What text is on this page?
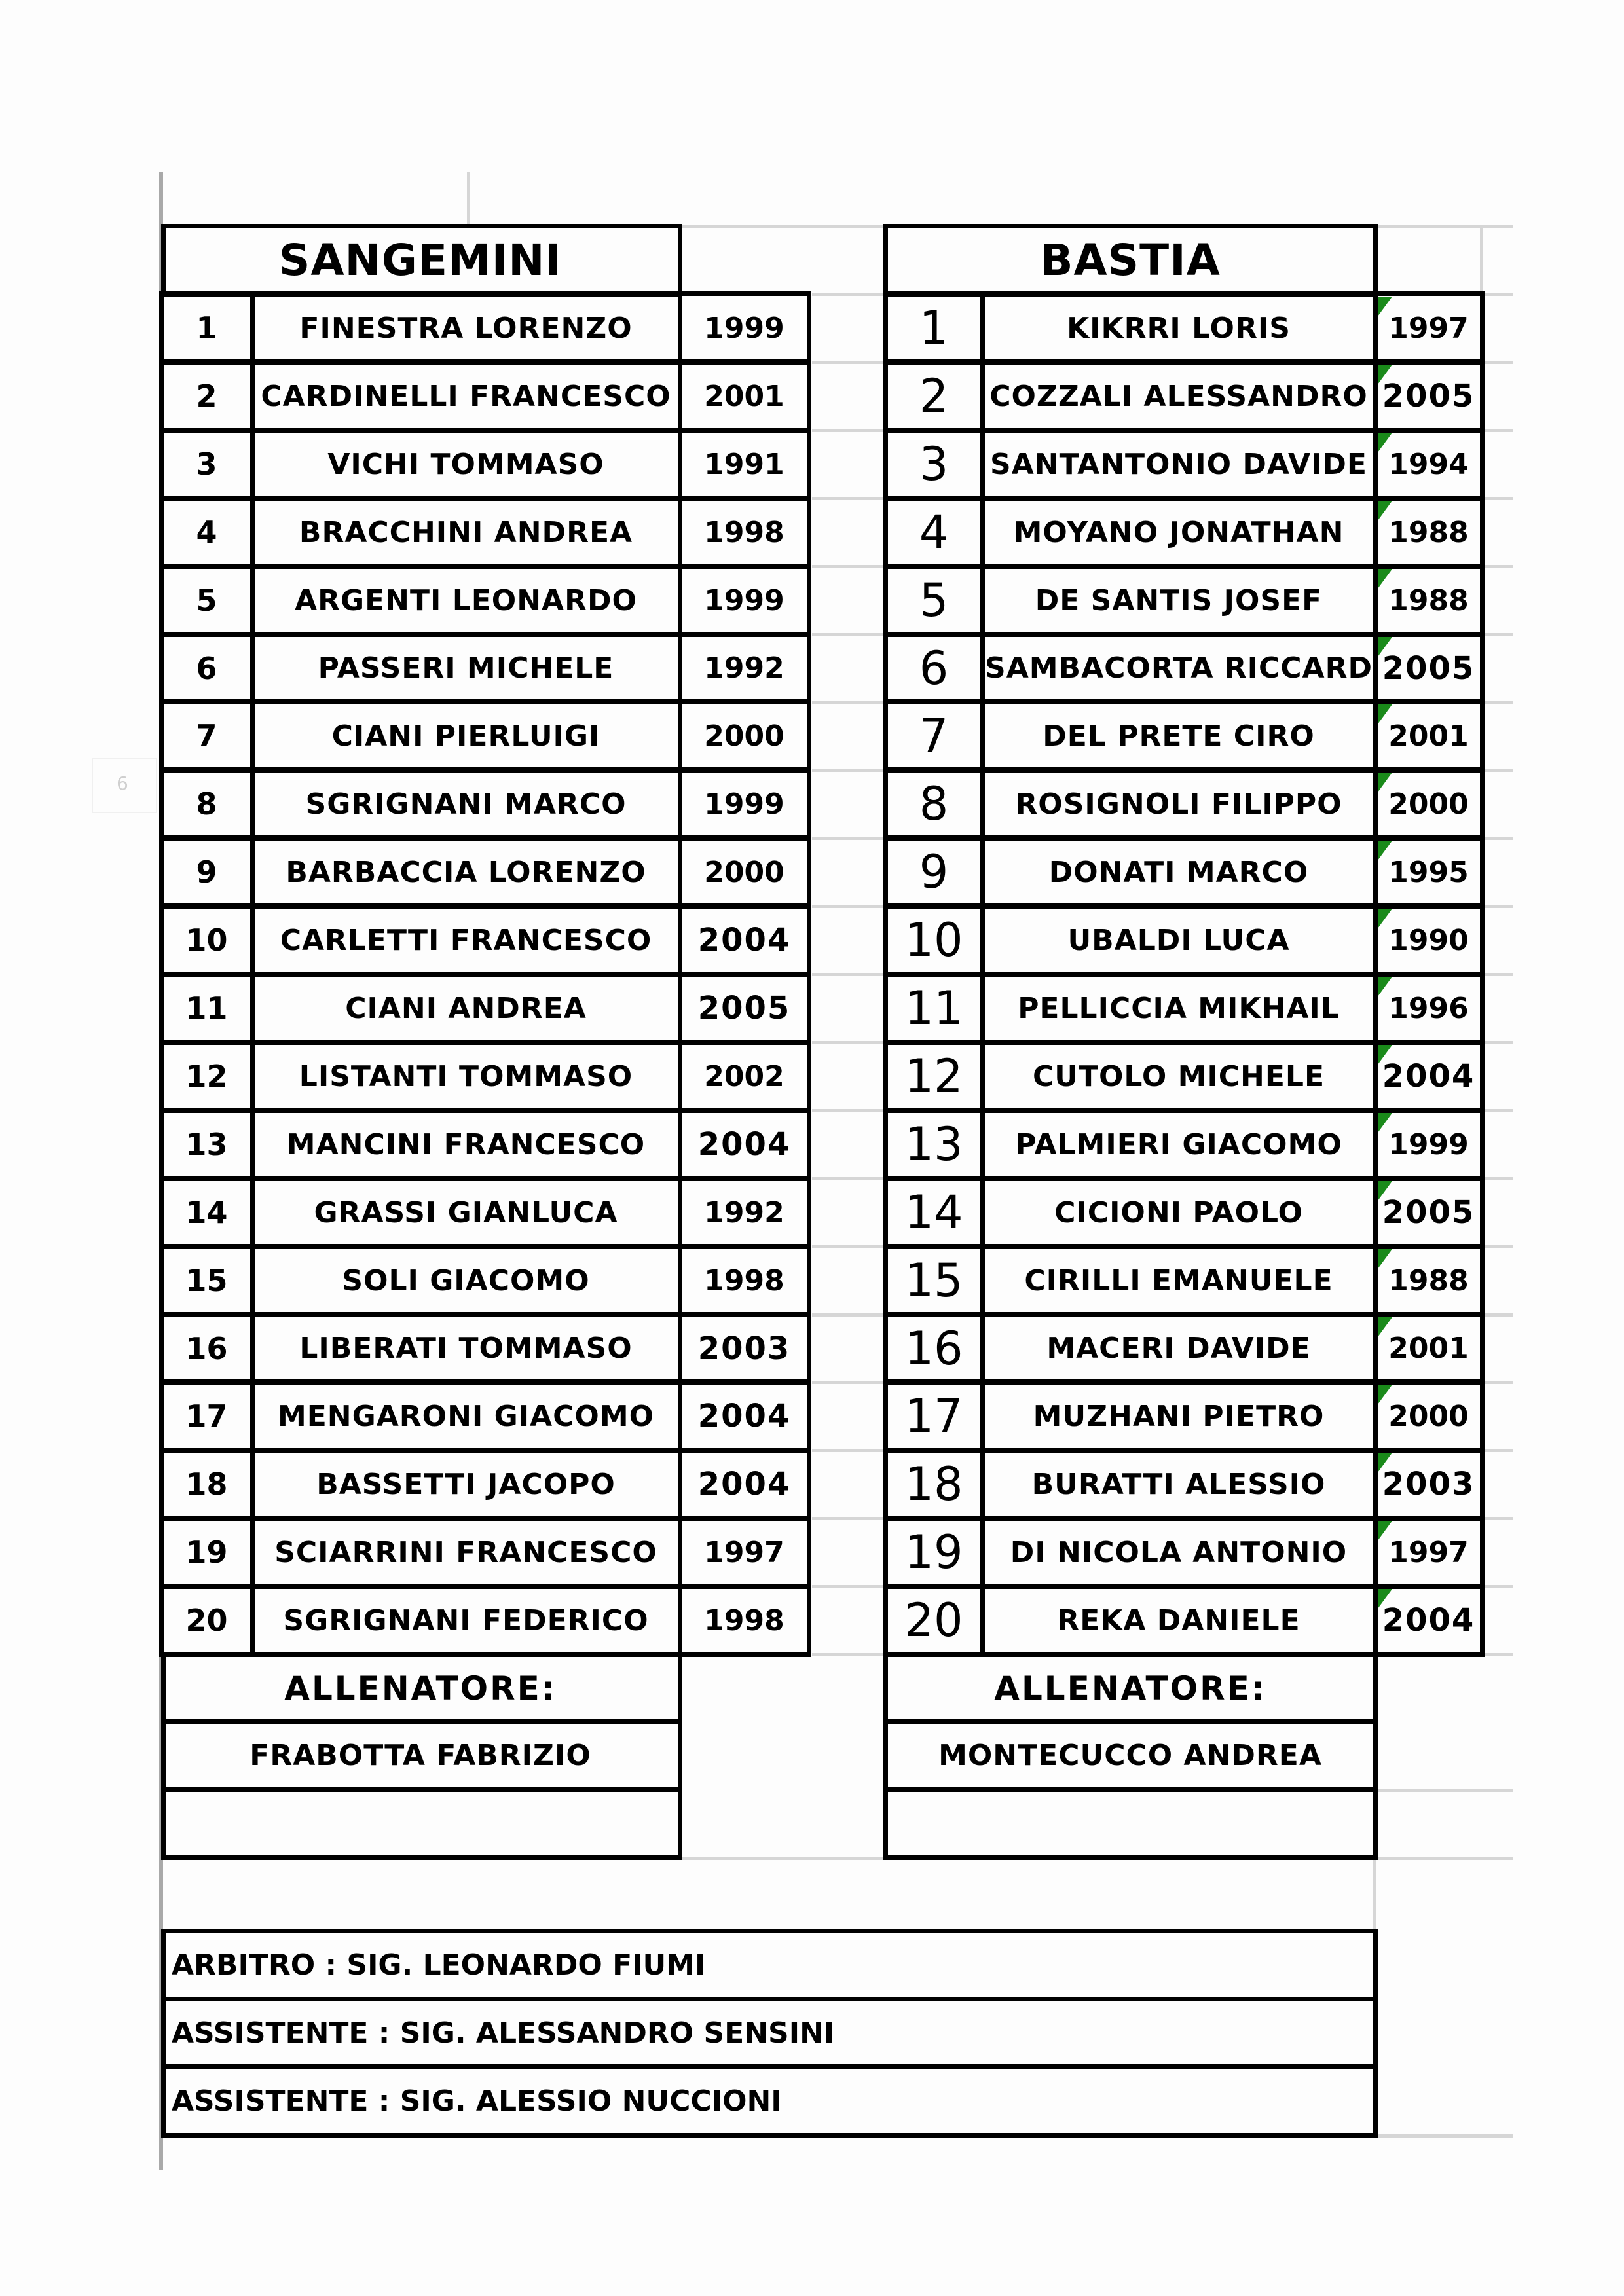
6
SANGEMINI
1	FINESTRA LORENZO	1999
2	CARDINELLI FRANCESCO	2001
3	VICHI TOMMASO	1991
4	BRACCHINI ANDREA	1998
5	ARGENTI LEONARDO	1999
6	PASSERI MICHELE	1992
7	CIANI PIERLUIGI	2000
8	SGRIGNANI MARCO	1999
9	BARBACCIA LORENZO	2000
10	CARLETTI FRANCESCO	2004
11	CIANI ANDREA	2005
12	LISTANTI TOMMASO	2002
13	MANCINI FRANCESCO	2004
14	GRASSI GIANLUCA	1992
15	SOLI GIACOMO	1998
16	LIBERATI TOMMASO	2003
17	MENGARONI GIACOMO	2004
18	BASSETTI JACOPO	2004
19	SCIARRINI FRANCESCO	1997
20	SGRIGNANI FEDERICO	1998
ALLENATORE:
FRABOTTA FABRIZIO
BASTIA
1	KIKRRI LORIS	1997
2	COZZALI ALESSANDRO 2005
3	SANTANTONIO DAVIDE 1994
4	MOYANO JONATHAN	1988
5	DE SANTIS JOSEF	1988
6	SAMBACORTA RICCARD 2005
7	DEL PRETE CIRO	2001
8	ROSIGNOLI FILIPPO	2000
9	DONATI MARCO	1995
10	UBALDI LUCA	1990
11	PELLICCIA MIKHAIL	1996
12	CUTOLO MICHELE	2004
13	PALMIERI GIACOMO	1999
14	CICIONI PAOLO	2005
15	CIRILLI EMANUELE	1988
16	MACERI DAVIDE	2001
17	MUZHANI PIETRO	2000
18	BURATTI ALESSIO	2003
19	DI NICOLA ANTONIO	1997
20	REKA DANIELE	2004
ALLENATORE:
MONTECUCCO ANDREA
ARBITRO : SIG. LEONARDO FIUMI
ASSISTENTE : SIG. ALESSANDRO SENSINI
ASSISTENTE : SIG. ALESSIO NUCCIONI
